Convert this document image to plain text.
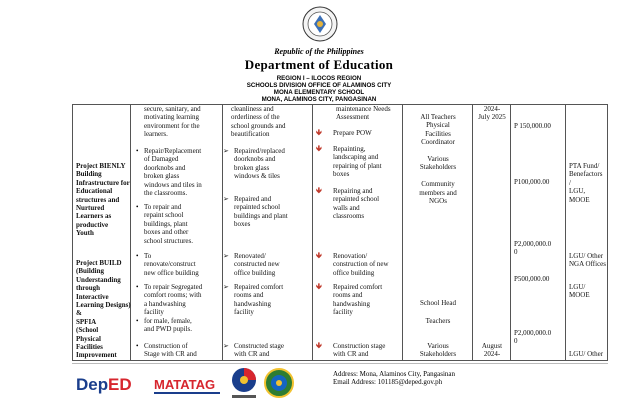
Republic of the Philippines
Department of Education
REGION I – ILOCOS REGION
SCHOOLS DIVISION OFFICE OF ALAMINOS CITY
MONA ELEMENTARY SCHOOL
MONA, ALAMINOS CITY, PANGASINAN
Project BIENLY
Building
Infrastructure for
Educational
structures and
Nurtured
Learners as
productive
Youth
secure, sanitary, and
motivating learning
environment for the
learners.
• Repair/Replacement
of Damaged
doorknobs and
broken glass
windows and tiles in
the classrooms.
• To repair and
repaint school
buildings, plant
boxes and other
school structures.
cleanliness and
orderliness of the
school grounds and
beautification
➢ Repaired/replaced
doorknobs and
broken glass
windows & tiles
➢ Repaired and
repainted school
buildings and plant
boxes
maintenance Needs
Assessment
🡻 Prepare POW
🡻 Repainting,
landscaping and
repairing of plant
boxes
🡻 Repairing and
repainted school
walls and
classrooms
All Teachers
Physical
Facilities
Coordinator

Various
Stakeholders

Community
members and
NGOs
2024-
July 2025
P 150,000.00
P100,000.00
PTA Fund/
Benefactors
/
LGU,
MOOE
Project BUILD
(Building
Understanding
through
Interactive
Learning Designs)
&
SPFIA
(School
Physical
Facilities
Improvement
• To
renovate/construct
new office building
• To repair Segregated
comfort rooms; with
a handwashing
facility
• for male, female,
and PWD pupils.
• Construction of
Stage with CR and
➢ Renovated/
constructed new
office building
➢ Repaired comfort
rooms and
handwashing
facility
➢ Constructed stage
with CR and
🡻 Renovation/
construction of new
office building
🡻 Repaired comfort
rooms and
handwashing
facility
🡻 Construction stage
with CR and
School Head
Teachers
Various
Stakeholders
August
2024-
P2,000,000.0
0
P500,000.00
P2,000,000.0
0
LGU/ Other
NGA Offices
LGU/
MOOE
LGU/ Other
Dep ED MATATAG
Address: Mona, Alaminos City, Pangasinan
Email Address: 101185@deped.gov.ph
